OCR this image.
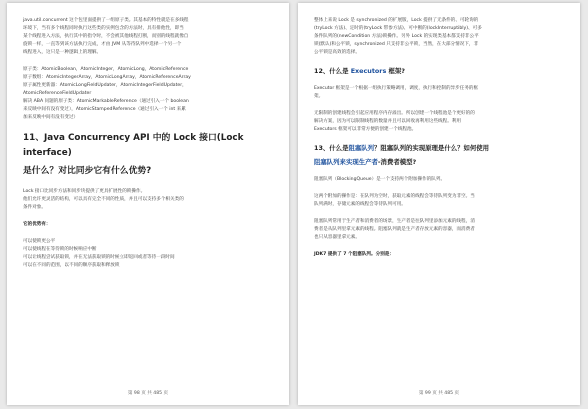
java.util.concurrent 这个包里面提供了一组原子类。其基本的特性就是在多线程

环境下，当有多个线程同时执行这些类的实例包含的方法时，具有排他性，即当

某个线程进入方法，执行其中的指令时，不会被其他线程打断，而别的线程就像自

旋锁一样，一直等到该方法执行完成，才由 JVM 从等待队列中选择一个另一个

线程进入，这只是一种逻辑上的理解。

原子类：AtomicBoolean，AtomicInteger，AtomicLong，AtomicReference

原子数组：AtomicIntegerArray，AtomicLongArray，AtomicReferenceArray

原子属性更新器：AtomicLongFieldUpdater，AtomicIntegerFieldUpdater，

AtomicReferenceFieldUpdater

解决 ABA 问题的原子类：AtomicMarkableReference（通过引入一个 boolean

来反映中间有没有变过），AtomicStampedReference（通过引入一个 int 来累

加来反映中间有没有变过）

11、Java Concurrency API 中的 Lock 接口(Lock interface)

是什么？对比同步它有什么优势?

Lock 接口比同步方法和同步块提供了更具扩展性的锁操作。

他们允许更灵活的结构，可以具有完全不同的性质，并且可以支持多个相关类的

条件对象。

它的优势有：

可以使锁更公平

可以使线程在等待锁的时候响应中断

可以让线程尝试获取锁，并在无法获取锁的时候立即返回或者等待一段时间

可以在不同的范围，以不同的顺序获取和释放锁

第 98 页 共 485 页

整体上来说 Lock 是 synchronized 的扩展版，Lock 提供了无条件的、可轮询的

(tryLock 方法)、定时的(tryLock 带参方法)、可中断的(lockInterruptibly)、可多

条件队列的(newCondition 方法)锁操作。另外 Lock 的实现类基本都支持非公平

锁(默认)和公平锁，synchronized 只支持非公平锁，当然，在大部分情况下，非

公平锁是高效的选择。

12、什么是 Executors 框架?

Executor 框架是一个根据一组执行策略调用，调度，执行和控制的异步任务的框

架。

无限制的创建线程会引起应用程序内存溢出。所以创建一个线程池是个更好的的

解决方案，因为可以限制线程的数量并且可以回收再利用这些线程。利用

Executors 框架可以非常方便的创建一个线程池。

13、什么是阻塞队列？阻塞队列的实现原理是什么？如何使用

阻塞队列来实现生产者-消费者模型?

阻塞队列（BlockingQueue）是一个支持两个附加操作的队列。

这两个附加的操作是：在队列为空时，获取元素的线程会等待队列变为非空。当

队列满时，存储元素的线程会等待队列可用。

阻塞队列常用于生产者和消费者的场景，生产者是往队列里添加元素的线程，消

费者是从队列里拿元素的线程。阻塞队列就是生产者存放元素的容器，而消费者

也只从容器里拿元素。

JDK7 提供了 7 个阻塞队列。分别是：

第 99 页 共 485 页
